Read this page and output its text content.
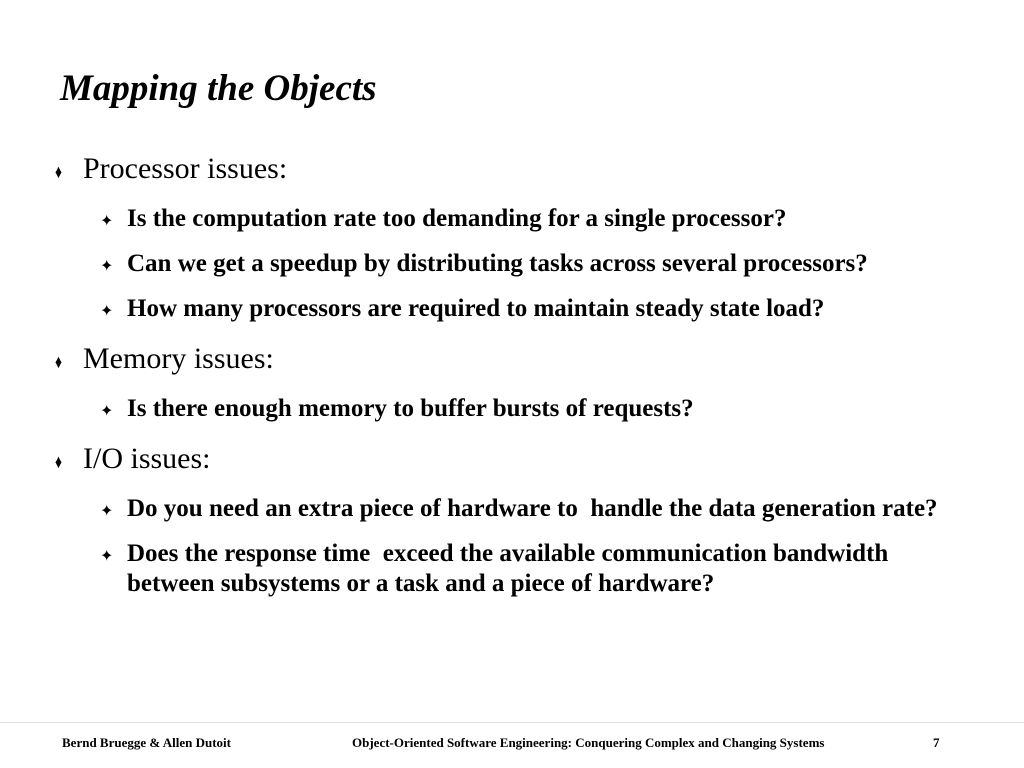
Mapping the Objects
♦ Processor issues:
✦ Is the computation rate too demanding for a single processor?
✦ Can we get a speedup by distributing tasks across several processors?
✦ How many processors are required to maintain steady state load?
♦ Memory issues:
✦ Is there enough memory to buffer bursts of requests?
♦ I/O issues:
✦ Do you need an extra piece of hardware to  handle the data generation rate?
✦ Does the response time  exceed the available communication bandwidth between subsystems or a task and a piece of hardware?
Bernd Bruegge & Allen Dutoit	Object-Oriented Software Engineering: Conquering Complex and Changing Systems	7
